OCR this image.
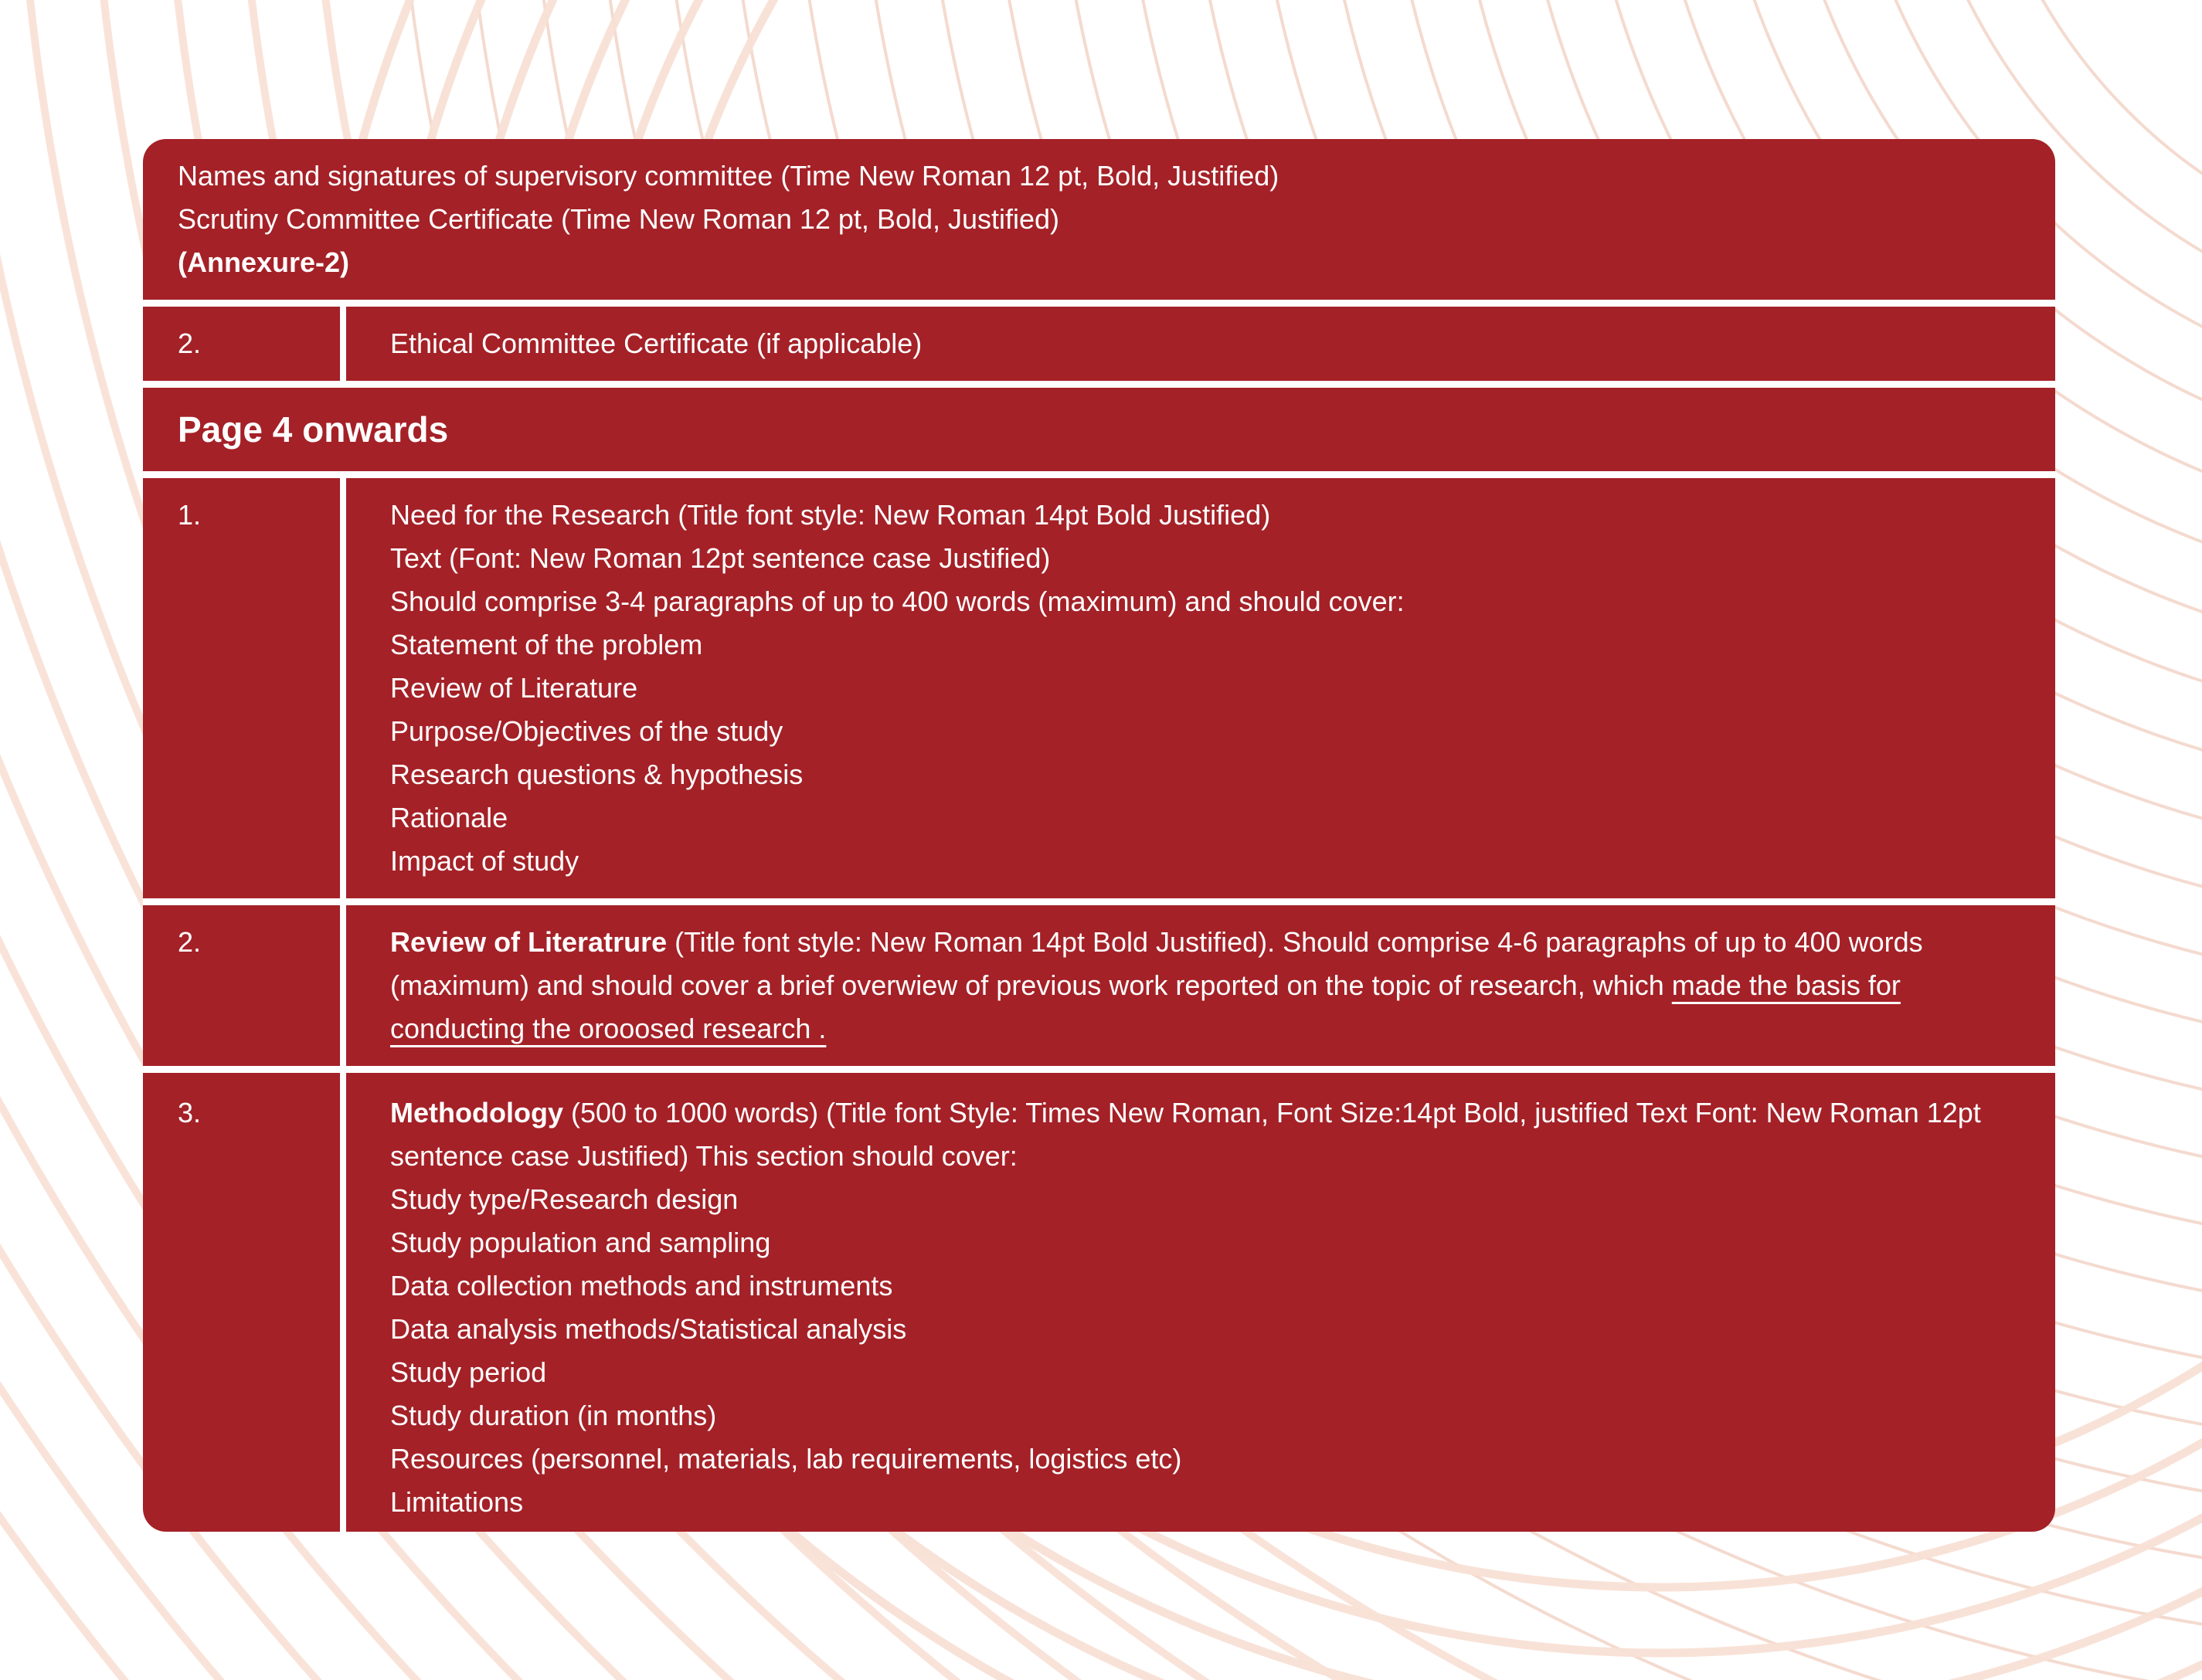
Names and signatures of supervisory committee (Time New Roman 12 pt, Bold, Justified)
Scrutiny Committee Certificate (Time New Roman 12 pt, Bold, Justified)
(Annexure-2)
2.	Ethical Committee Certificate (if applicable)
Page 4 onwards
1.	Need for the Research (Title font style: New Roman 14pt Bold Justified)
Text (Font: New Roman 12pt sentence case Justified)
Should comprise 3-4 paragraphs of up to 400 words (maximum) and should cover:
Statement of the problem
Review of Literature
Purpose/Objectives of the study
Research questions & hypothesis
Rationale
Impact of study
2.	Review of Literatrure (Title font style: New Roman 14pt Bold Justified). Should comprise 4-6 paragraphs of up to 400 words (maximum) and should cover a brief overwiew of previous work reported on the topic of research, which made the basis for conducting the orooosed research .

3.	Methodology (500 to 1000 words) (Title font Style: Times New Roman, Font Size:14pt Bold, justified Text Font: New Roman 12pt sentence case Justified) This section should cover:

Study type/Research design
Study population and sampling
Data collection methods and instruments
Data analysis methods/Statistical analysis
Study period
Study duration (in months)
Resources (personnel, materials, lab requirements, logistics etc)
Limitations
